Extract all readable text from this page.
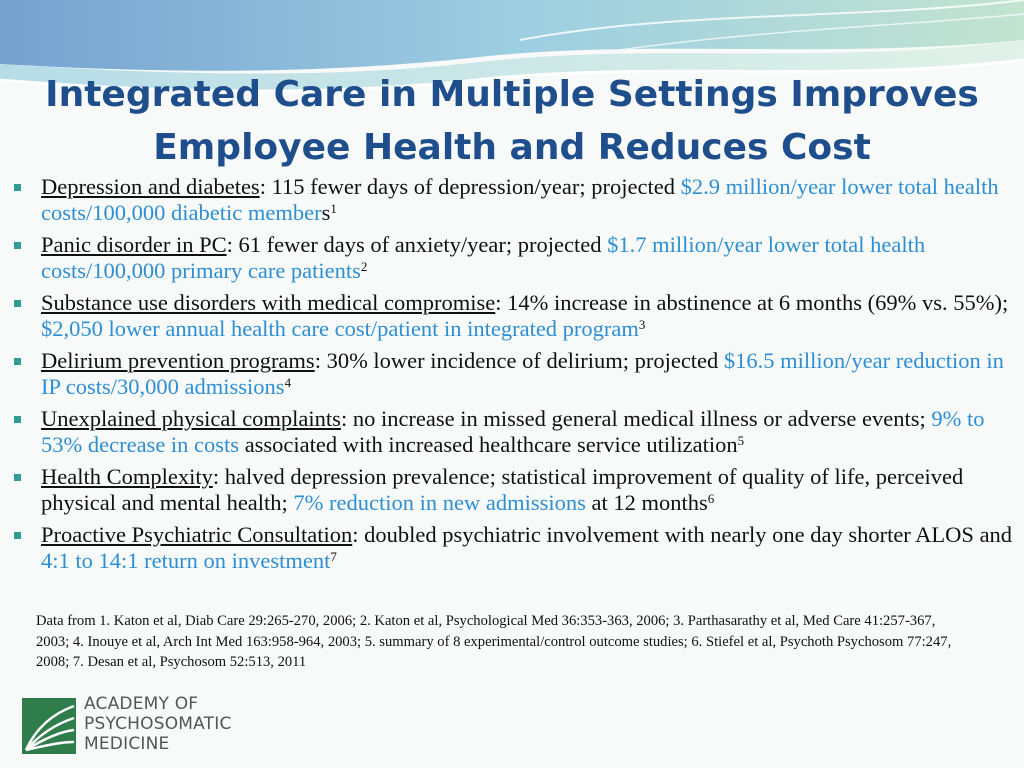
Integrated Care in Multiple Settings Improves
Employee Health and Reduces Cost
Depression and diabetes: 115 fewer days of depression/year; projected $2.9 million/year lower total health costs/100,000 diabetic members$^1$
Panic disorder in PC: 61 fewer days of anxiety/year; projected $1.7 million/year lower total health costs/100,000 primary care patients$^2$
Substance use disorders with medical compromise: 14% increase in abstinence at 6 months (69% vs. 55%); $2,050 lower annual health care cost/patient in integrated program$^3$
Delirium prevention programs: 30% lower incidence of delirium; projected $16.5 million/year reduction in IP costs/30,000 admissions$^4$
Unexplained physical complaints: no increase in missed general medical illness or adverse events; 9% to 53% decrease in costs associated with increased healthcare service utilization$^5$
Health Complexity: halved depression prevalence; statistical improvement of quality of life, perceived physical and mental health; 7% reduction in new admissions at 12 months$^6$
Proactive Psychiatric Consultation: doubled psychiatric involvement with nearly one day shorter ALOS and 4:1 to 14:1 return on investment$^7$

Data from 1. Katon et al, Diab Care 29:265-270, 2006; 2. Katon et al, Psychological Med 36:353-363, 2006; 3. Parthasarathy et al, Med Care 41:257-367, 2003; 4. Inouye et al, Arch Int Med 163:958-964, 2003; 5. summary of 8 experimental/control outcome studies; 6. Stiefel et al, Psychoth Psychosom 77:247, 2008; 7. Desan et al, Psychosom 52:513, 2011

ACADEMY OF
PSYCHOSOMATIC
MEDICINE
